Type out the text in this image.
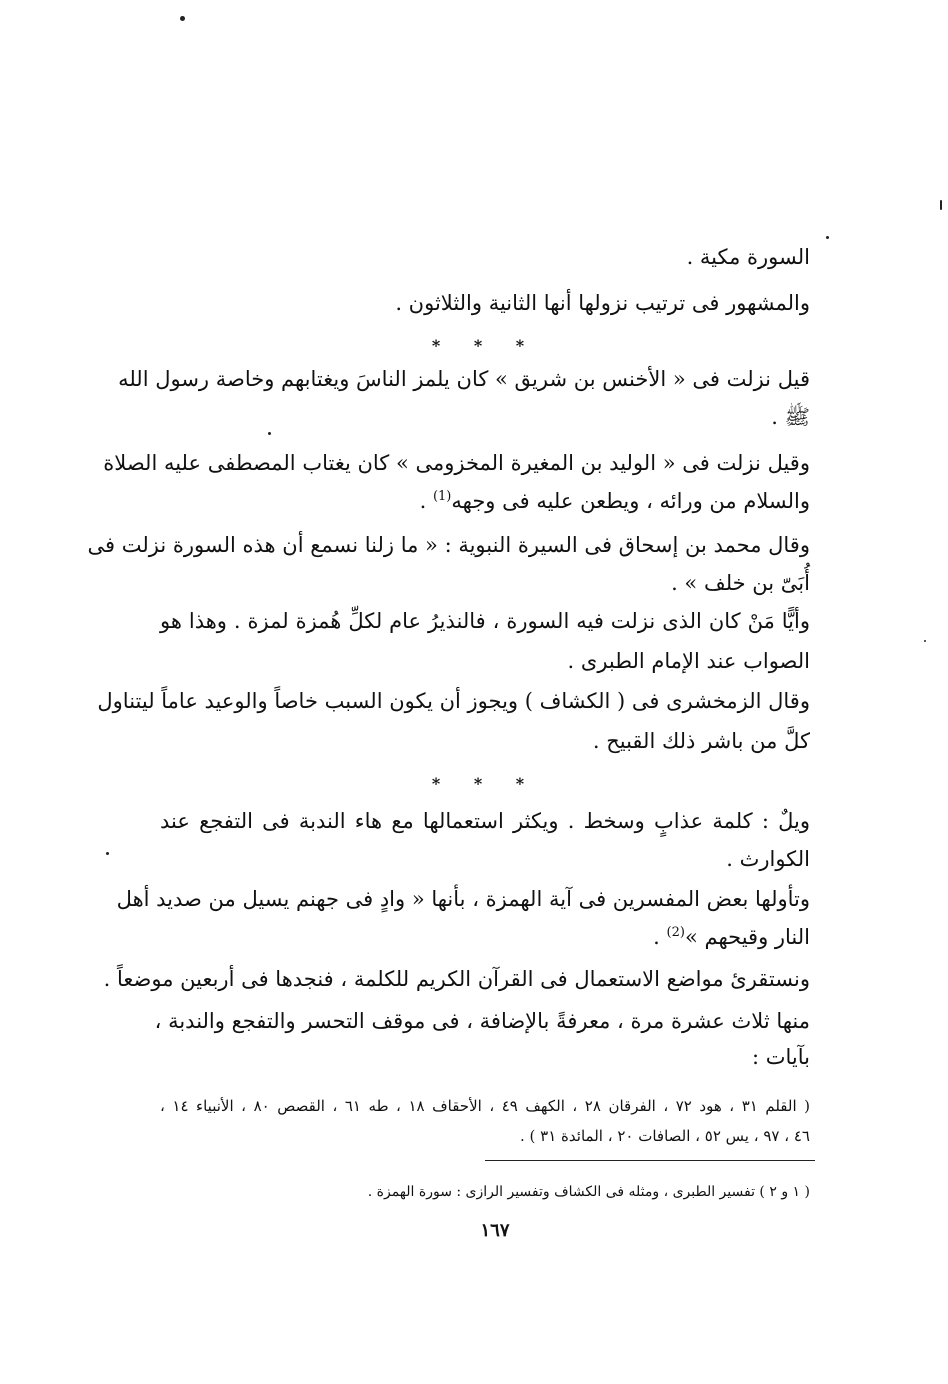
السورة مكية .
والمشهور فى ترتيب نزولها أنها الثانية والثلاثون .
* * *
قيل نزلت فى « الأخنس بن شريق » كان يلمز الناسَ ويغتابهم وخاصة رسول الله
ﷺ .
وقيل نزلت فى « الوليد بن المغيرة المخزومى » كان يغتاب المصطفى عليه الصلاة
والسلام من ورائه ، ويطعن عليه فى وجهه$^{(1)}$ .
وقال محمد بن إسحاق فى السيرة النبوية : « ما زلنا نسمع أن هذه السورة نزلت فى
أُبَىّ بن خلف » .
وأيًّا مَنْ كان الذى نزلت فيه السورة ، فالنذيرُ عام لكلِّ هُمزة لمزة . وهذا هو
الصواب عند الإمام الطبرى .
وقال الزمخشرى فى ( الكشاف ) ويجوز أن يكون السبب خاصاً والوعيد عاماً ليتناول
كلَّ من باشر ذلك القبيح .
* * *
ويلٌ : كلمة عذابٍ وسخط . ويكثر استعمالها مع هاء الندبة فى التفجع عند
الكوارث .
وتأولها بعض المفسرين فى آية الهمزة ، بأنها « وادٍ فى جهنم يسيل من صديد أهل
النار وقيحهم »$^{(2)}$ .
ونستقرئ مواضع الاستعمال فى القرآن الكريم للكلمة ، فنجدها فى أربعين موضعاً .
منها ثلاث عشرة مرة ، معرفةً بالإضافة ، فى موقف التحسر والتفجع والندبة ،
بآيات :
( القلم ٣١ ، هود ٧٢ ، الفرقان ٢٨ ، الكهف ٤٩ ، الأحقاف ١٨ ، طه ٦١ ، القصص ٨٠ ، الأنبياء ١٤ ،
٤٦ ، ٩٧ ، يس ٥٢ ، الصافات ٢٠ ، المائدة ٣١ ) .
( ١ و ٢ ) تفسير الطبرى ، ومثله فى الكشاف وتفسير الرازى : سورة الهمزة .
١٦٧
